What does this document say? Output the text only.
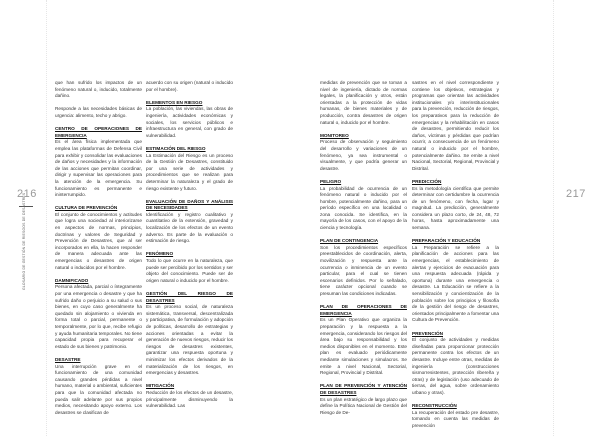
216
GLOSARIO DE GESTIÓN DE RIESGOS DE DESASTRES	217
que han sufrido los impactos de un fenómeno natural o, inducido, totalmente dañino.
Responde a las necesidades básicas de urgencia: alimento, techo y abrigo.
CENTRO DE OPERACIONES DE EMERGENCIA
Es el área física implementada que emplea las plataformas de Defensa Civil para exhibir y consolidar las evaluaciones de daños y necesidades y la información de las acciones que permitan coordinar, dirigir y supervisar las operaciones para la atención de la emergencia. Su funcionamiento es permanente e ininterrumpido.
CULTURA DE PREVENCIÓN
El conjunto de conocimientos y actitudes que logra una sociedad al interiorizarse en aspectos de normas, principios, doctrinas y valores de Seguridad y Prevención de Desastres, que al ser incorporados en ella, la hacen responder de manera adecuada ante las emergencias o desastres de origen natural o inducidos por el hombre.
DAMNIFICADO
Persona afectada, parcial o íntegramente por una emergencia o desastre y que ha sufrido daño o perjuicio a su salud o sus bienes, en cuyo caso generalmente ha quedado sin alojamiento o vivienda en forma total o parcial, permanente o temporalmente, por lo que, recibe refugio y ayuda humanitaria temporales. No tiene capacidad propia para recuperar el estado de sus bienes y patrimonio.
DESASTRE
Una interrupción grave en el funcionamiento de una comunidad causando grandes pérdidas a nivel humano, material o ambiental, suficientes para que la comunidad afectada no pueda salir adelante por sus propios medios, necesitando apoyo externo. Los desastres se clasifican de
acuerdo con su origen (natural o inducido por el hombre).
ELEMENTOS EN RIESGO
La población, las viviendas, las obras de ingeniería, actividades económicas y sociales, los servicios públicos e infraestructura en general, con grado de vulnerabilidad.
ESTIMACIÓN DEL RIESGO
La Estimación del Riesgo es un proceso de la Gestión de Desastres, constituido por una serie de actividades y procedimientos que se realizan para determinar la naturaleza y el grado de riesgo existente y futuro.
EVALUACIÓN DE DAÑOS Y ANÁLISIS DE NECESIDADES
Identificación y registro cualitativo y cuantitativo de la extensión, gravedad y localización de los efectos de un evento adverso. Es parte de la evaluación o estimación de riesgo.
FENÓMENO
Todo lo que ocurre en la naturaleza, que puede ser percibido por los sentidos y ser objeto del conocimiento. Puede ser de origen natural o inducido por el hombre.
GESTIÓN DEL RIESGO DE DESASTRES
Es un proceso social, de naturaleza sistemática, transversal, descentralizada y participativa, de formulación y adopción de políticas, desarrollo de estrategias y acciones orientadas a evitar la generación de nuevos riesgos, reducir los riesgos de desastres existentes, garantizar una respuesta oportuna y minimizar los efectos derivados de la materialización de los riesgos, en emergencias y desastres.
MITIGACIÓN
Reducción de los efectos de un desastre, principalmente disminuyendo la vulnerabilidad. Las
medidas de prevención que se toman a nivel de ingeniería, dictado de normas legales, la planificación y otros, están orientadas a la protección de vidas humanas, de bienes materiales y de producción, contra desastres de origen natural o, inducido por el hombre.
MONITOREO
Proceso de observación y seguimiento del desarrollo y variaciones de un fenómeno, ya sea instrumental o visualmente, y que podría generar un desastre.
PELIGRO
La probabilidad de ocurrencia de un fenómeno natural o inducido por el hombre, potencialmente dañino, para un período específico en una localidad o zona conocida. Se identifica, en la mayoría de los casos, con el apoyo de la ciencia y tecnología.
PLAN DE CONTINGENCIA
Son los procedimientos específicos preestablecidos de coordinación, alerta, movilización y respuesta ante la ocurrencia o inminencia de un evento particular, para el cual se tienen escenarios definidos. Por lo señalado, tiene carácter opcional cuando se presuman las condiciones indicadas.
PLAN DE OPERACIONES DE EMERGENCIA
Es un Plan Operativo que organiza la preparación y la respuesta a la emergencia, considerando los riesgos del área bajo su responsabilidad y los medios disponibles en el momento. Este plan es evaluado periódicamente mediante simulaciones y simulacros. Se emite a nivel Nacional, Sectorial, Regional, Provincial y Distrital.
PLAN DE PREVENCIÓN Y ATENCIÓN DE DESASTRES
Es un plan estratégico de largo plazo que define la Política Nacional de Gestión del Riesgo de De-
sastres en el nivel correspondiente y contiene los objetivos, estrategias y programas que orientan las actividades institucionales y/o interinstitucionales para la prevención, reducción de riesgos, los preparativos para la reducción de emergencias y la rehabilitación en casos de desastres, permitiendo reducir los daños, víctimas y pérdidas que podrían ocurrir, a consecuencia de un fenómeno natural o inducido por el hombre, potencialmente dañino. Se emite a nivel Nacional, Sectorial, Regional, Provincial y Distrital.
PREDICCIÓN
Es la metodología científica que permite determinar con certidumbre la ocurrencia de un fenómeno, con fecha, lugar y magnitud. La predicción, generalmente considera un plazo corto, de 24, 48, 72 horas, hasta aproximadamente una semana.
PREPARACIÓN Y EDUCACIÓN
La Preparación se refiere a la planificación de acciones para las emergencias, el establecimiento de alertas y ejercicios de evacuación para una respuesta adecuada (rápida y oportuna) durante una emergencia o desastre. La Educación se refiere a la sensibilización y concientización de la población sobre los principios y filosofía de la gestión del riesgo de desastres, orientados principalmente a fomentar una Cultura de Prevención.
PREVENCIÓN
El conjunto de actividades y medidas diseñadas para proporcionar protección permanente contra los efectos de un desastre. Incluye entre otras, medidas de ingeniería (construcciones sismorresistentes, protección ribereña y otras) y de legislación (uso adecuado de tierras, del agua, sobre ordenamiento urbano y otras).
RECONSTRUCCIÓN
La recuperación del estado pre desastre, tomando en cuenta las medidas de prevención
